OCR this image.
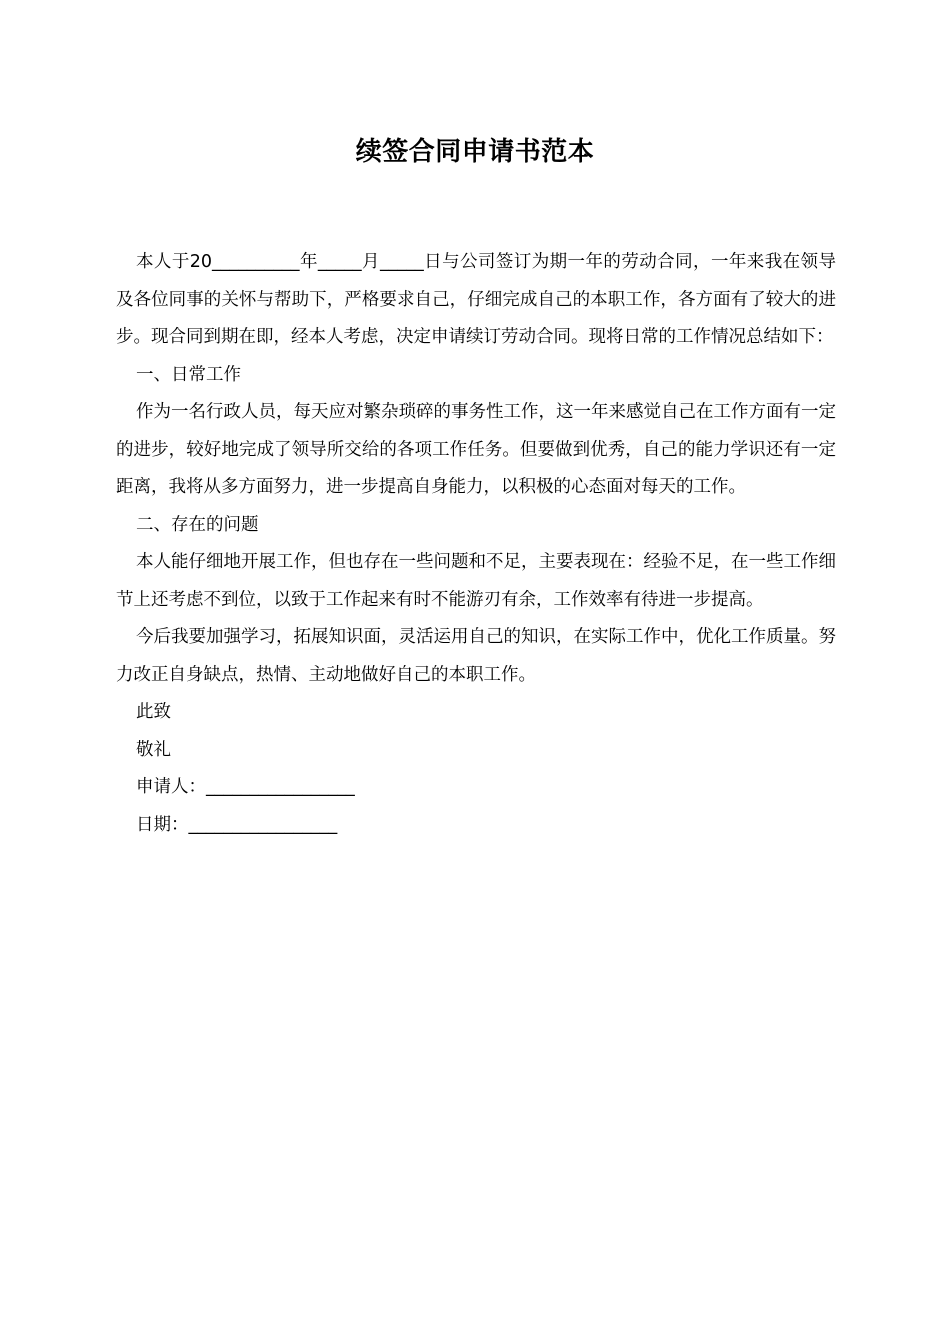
续签合同申请书范本

本人于20__________年_____月_____日与公司签订为期一年的劳动合同，一年来我在领导及各位同事的关怀与帮助下，严格要求自己，仔细完成自己的本职工作，各方面有了较大的进步。现合同到期在即，经本人考虑，决定申请续订劳动合同。现将日常的工作情况总结如下：

一、日常工作

作为一名行政人员，每天应对繁杂琐碎的事务性工作，这一年来感觉自己在工作方面有一定的进步，较好地完成了领导所交给的各项工作任务。但要做到优秀，自己的能力学识还有一定距离，我将从多方面努力，进一步提高自身能力，以积极的心态面对每天的工作。

二、存在的问题

本人能仔细地开展工作，但也存在一些问题和不足，主要表现在：经验不足，在一些工作细节上还考虑不到位，以致于工作起来有时不能游刃有余，工作效率有待进一步提高。

今后我要加强学习，拓展知识面，灵活运用自己的知识，在实际工作中，优化工作质量。努力改正自身缺点，热情、主动地做好自己的本职工作。

此致

敬礼

申请人：_________________

日期：_________________
